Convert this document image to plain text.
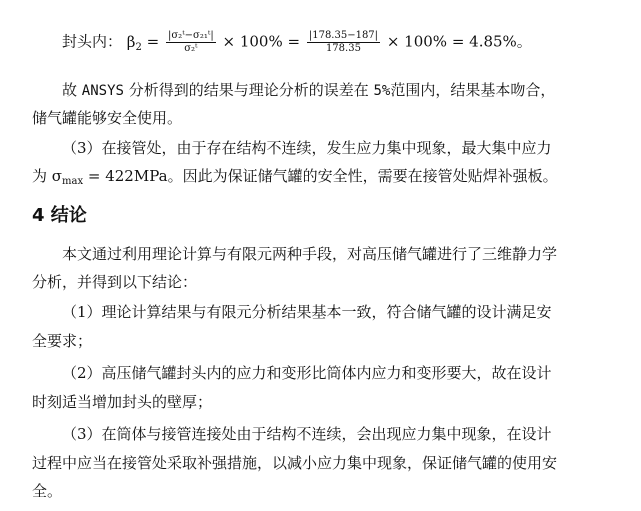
封头内： $\beta_2 = \frac{\text{|σ₂ᵗ−σ₂₁ᵗ|}}{\text{σ₂ᵗ}} \times 100\% = \frac{|178.35-187|}{178.35} \times 100\% = 4.85\%$。
故 ANSYS 分析得到的结果与理论分析的误差在 5%范围内，结果基本吻合，
储气罐能够安全使用。
（3）在接管处，由于存在结构不连续，发生应力集中现象，最大集中应力
为 $\sigma_{max} = 422MPa$。因此为保证储气罐的安全性，需要在接管处贴焊补强板。
4 结论
本文通过利用理论计算与有限元两种手段，对高压储气罐进行了三维静力学
分析，并得到以下结论：
（1）理论计算结果与有限元分析结果基本一致，符合储气罐的设计满足安
全要求；
（2）高压储气罐封头内的应力和变形比筒体内应力和变形要大，故在设计
时刻适当增加封头的壁厚；
（3）在筒体与接管连接处由于结构不连续，会出现应力集中现象，在设计
过程中应当在接管处采取补强措施，以减小应力集中现象，保证储气罐的使用安
全。
